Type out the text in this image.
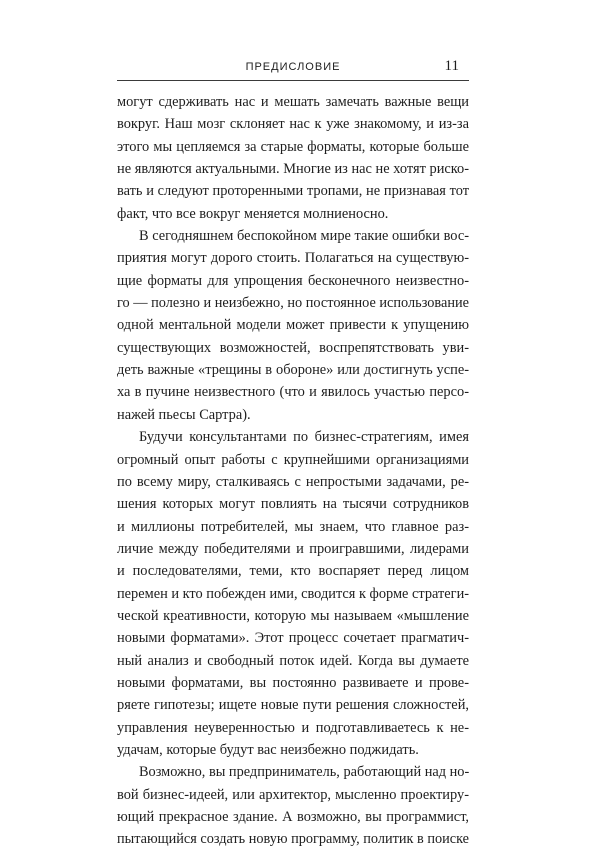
ПРЕДИСЛОВИЕ	11
могут сдерживать нас и мешать замечать важные вещи
вокруг. Наш мозг склоняет нас к уже знакомому, и из-за
этого мы цепляемся за старые форматы, которые больше
не являются актуальными. Многие из нас не хотят риско-
вать и следуют проторенными тропами, не признавая тот
факт, что все вокруг меняется молниеносно.
В сегодняшнем беспокойном мире такие ошибки вос-
приятия могут дорого стоить. Полагаться на существую-
щие форматы для упрощения бесконечного неизвестно-
го — полезно и неизбежно, но постоянное использование
одной ментальной модели может привести к упущению
существующих возможностей, воспрепятствовать уви-
деть важные «трещины в обороне» или достигнуть успе-
ха в пучине неизвестного (что и явилось участью персо-
нажей пьесы Сартра).
Будучи консультантами по бизнес-стратегиям, имея
огромный опыт работы с крупнейшими организациями
по всему миру, сталкиваясь с непростыми задачами, ре-
шения которых могут повлиять на тысячи сотрудников
и миллионы потребителей, мы знаем, что главное раз-
личие между победителями и проигравшими, лидерами
и последователями, теми, кто воспаряет перед лицом
перемен и кто побежден ими, сводится к форме стратеги-
ческой креативности, которую мы называем «мышление
новыми форматами». Этот процесс сочетает прагматич-
ный анализ и свободный поток идей. Когда вы думаете
новыми форматами, вы постоянно развиваете и прове-
ряете гипотезы; ищете новые пути решения сложностей,
управления неуверенностью и подготавливаетесь к не-
удачам, которые будут вас неизбежно поджидать.
Возможно, вы предприниматель, работающий над но-
вой бизнес-идеей, или архитектор, мысленно проектиру-
ющий прекрасное здание. А возможно, вы программист,
пытающийся создать новую программу, политик в поиске
